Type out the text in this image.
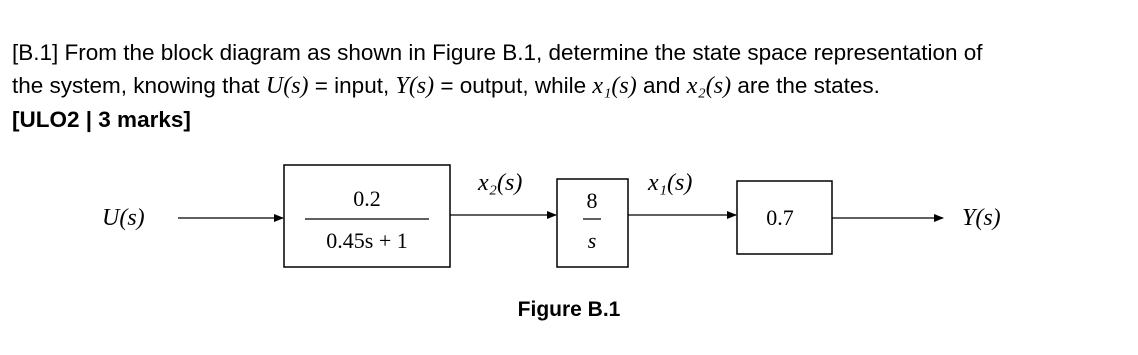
[B.1] From the block diagram as shown in Figure B.1, determine the state space representation of
the system, knowing that U(s) = input, Y(s) = output, while x₁(s) and x₂(s) are the states.
[ULO2 | 3 marks]
U(s)
0.2
0.45s + 1
x₂(s)
8
s
x₁(s)
0.7	Y(s)
Figure B.1
